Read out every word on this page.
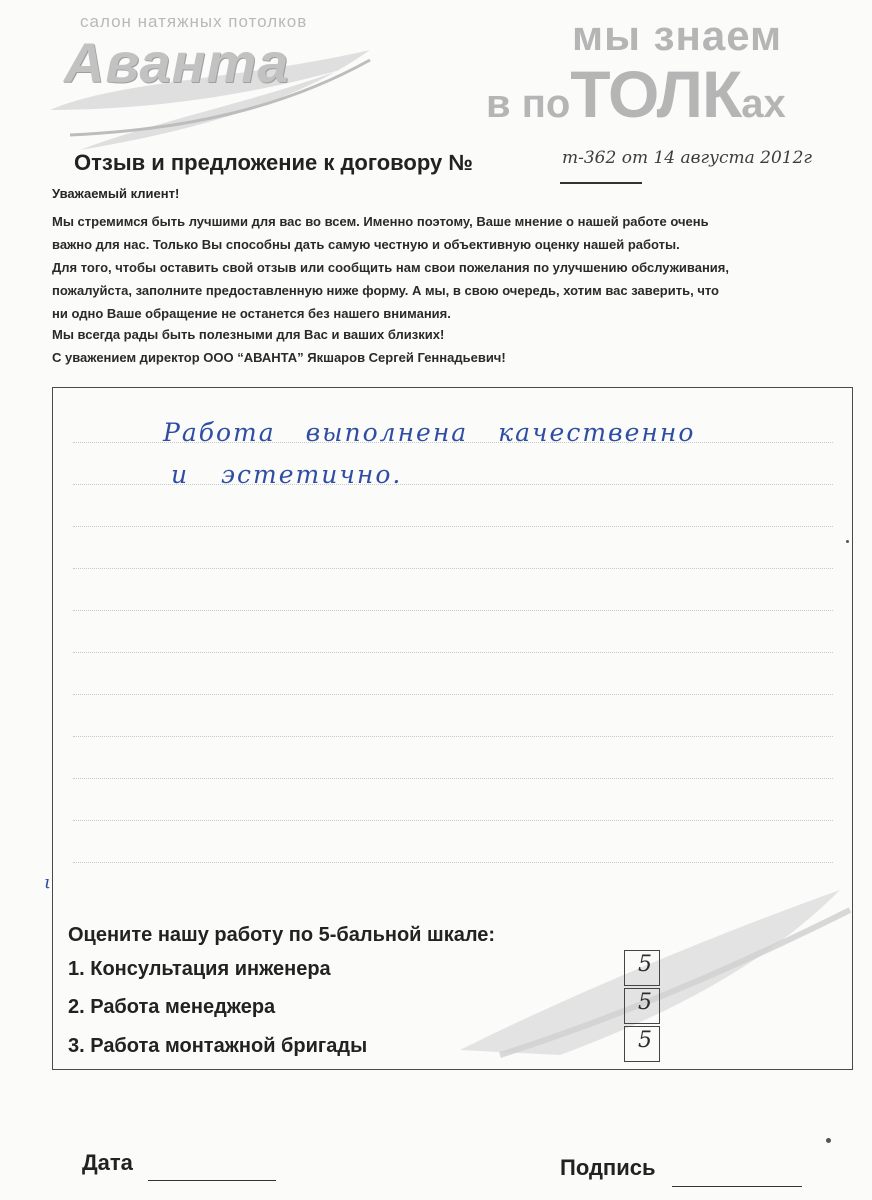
салон натяжных потолков
Аванта	мы знаем
в поТОЛКах
Отзыв и предложение к договору №	т-362 от 14 августа 2012г
Уважаемый клиент!
Мы стремимся быть лучшими для вас во всем. Именно поэтому, Ваше мнение о нашей работе очень
важно для нас. Только Вы способны дать самую честную и объективную оценку нашей работы.
Для того, чтобы оставить свой отзыв или сообщить нам свои пожелания по улучшению обслуживания,
пожалуйста, заполните предоставленную ниже форму. А мы, в свою очередь, хотим вас заверить, что
ни одно Ваше обращение не останется без нашего внимания.
Мы всегда рады быть полезными для Вас и ваших близких!
С уважением директор ООО “АВАНТА” Якшаров Сергей Геннадьевич!
Работа выполнена качественно
и эстетично.
ι
Оцените нашу работу по 5-бальной шкале:
1. Консультация инженера	5
2. Работа менеджера	5
3. Работа монтажной бригады	5
Дата	Подпись
